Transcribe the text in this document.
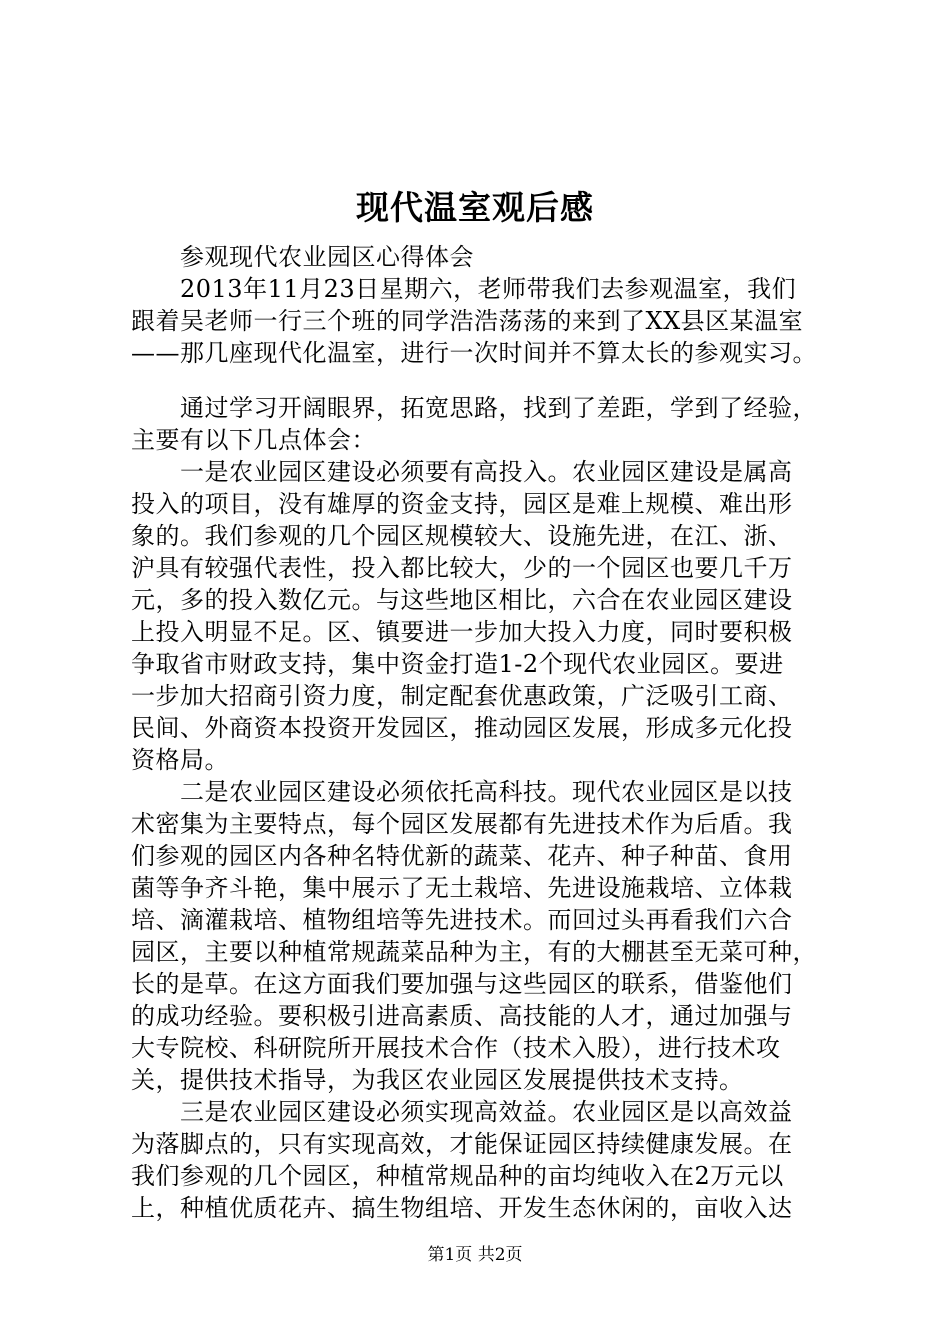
现代温室观后感
参观现代农业园区心得体会
2013年11月23日星期六，老师带我们去参观温室，我们
跟着吴老师一行三个班的同学浩浩荡荡的来到了XX县区某温室
——那几座现代化温室，进行一次时间并不算太长的参观实习。
通过学习开阔眼界，拓宽思路，找到了差距，学到了经验，
主要有以下几点体会：
一是农业园区建设必须要有高投入。农业园区建设是属高
投入的项目，没有雄厚的资金支持，园区是难上规模、难出形
象的。我们参观的几个园区规模较大、设施先进，在江、浙、
沪具有较强代表性，投入都比较大，少的一个园区也要几千万
元，多的投入数亿元。与这些地区相比，六合在农业园区建设
上投入明显不足。区、镇要进一步加大投入力度，同时要积极
争取省市财政支持，集中资金打造1-2个现代农业园区。要进
一步加大招商引资力度，制定配套优惠政策，广泛吸引工商、
民间、外商资本投资开发园区，推动园区发展，形成多元化投
资格局。
二是农业园区建设必须依托高科技。现代农业园区是以技
术密集为主要特点，每个园区发展都有先进技术作为后盾。我
们参观的园区内各种名特优新的蔬菜、花卉、种子种苗、食用
菌等争齐斗艳，集中展示了无土栽培、先进设施栽培、立体栽
培、滴灌栽培、植物组培等先进技术。而回过头再看我们六合
园区，主要以种植常规蔬菜品种为主，有的大棚甚至无菜可种，
长的是草。在这方面我们要加强与这些园区的联系，借鉴他们
的成功经验。要积极引进高素质、高技能的人才，通过加强与
大专院校、科研院所开展技术合作（技术入股），进行技术攻
关，提供技术指导，为我区农业园区发展提供技术支持。
三是农业园区建设必须实现高效益。农业园区是以高效益
为落脚点的，只有实现高效，才能保证园区持续健康发展。在
我们参观的几个园区，种植常规品种的亩均纯收入在2万元以
上，种植优质花卉、搞生物组培、开发生态休闲的，亩收入达
第1页 共2页
